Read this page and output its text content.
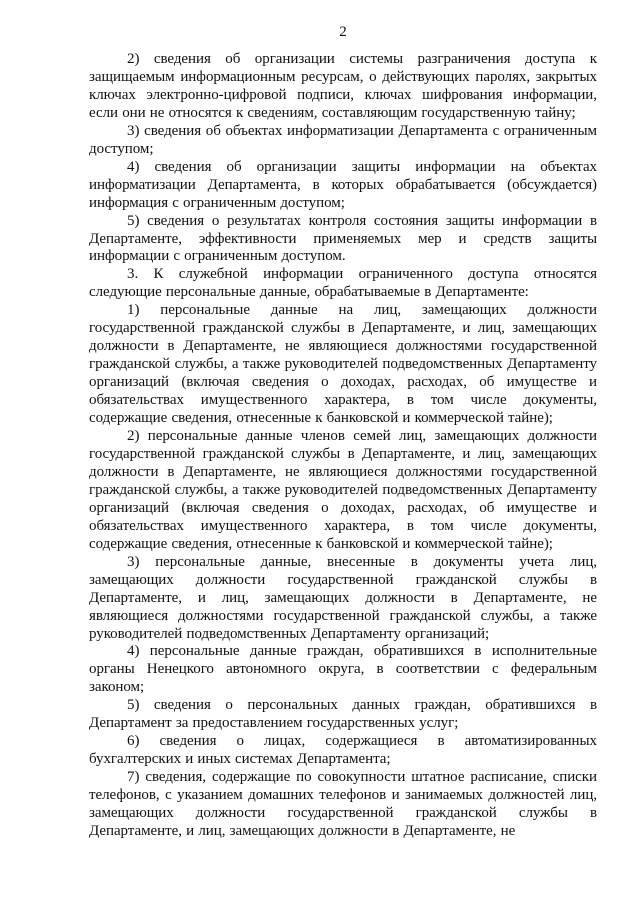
2

2) сведения об организации системы разграничения доступа к защищаемым информационным ресурсам, о действующих паролях, закрытых ключах электронно-цифровой подписи, ключах шифрования информации, если они не относятся к сведениям, составляющим государственную тайну;

3) сведения об объектах информатизации Департамента с ограниченным доступом;

4) сведения об организации защиты информации на объектах информатизации Департамента, в которых обрабатывается (обсуждается) информация с ограниченным доступом;

5) сведения о результатах контроля состояния защиты информации в Департаменте, эффективности применяемых мер и средств защиты информации с ограниченным доступом.

3. К служебной информации ограниченного доступа относятся следующие персональные данные, обрабатываемые в Департаменте:

1) персональные данные на лиц, замещающих должности государственной гражданской службы в Департаменте, и лиц, замещающих должности в Департаменте, не являющиеся должностями государственной гражданской службы, а также руководителей подведомственных Департаменту организаций (включая сведения о доходах, расходах, об имуществе и обязательствах имущественного характера, в том числе документы, содержащие сведения, отнесенные к банковской и коммерческой тайне);

2) персональные данные членов семей лиц, замещающих должности государственной гражданской службы в Департаменте, и лиц, замещающих должности в Департаменте, не являющиеся должностями государственной гражданской службы, а также руководителей подведомственных Департаменту организаций (включая сведения о доходах, расходах, об имуществе и обязательствах имущественного характера, в том числе документы, содержащие сведения, отнесенные к банковской и коммерческой тайне);

3) персональные данные, внесенные в документы учета лиц, замещающих должности государственной гражданской службы в Департаменте, и лиц, замещающих должности в Департаменте, не являющиеся должностями государственной гражданской службы, а также руководителей подведомственных Департаменту организаций;

4) персональные данные граждан, обратившихся в исполнительные органы Ненецкого автономного округа, в соответствии с федеральным законом;

5) сведения о персональных данных граждан, обратившихся в Департамент за предоставлением государственных услуг;

6) сведения о лицах, содержащиеся в автоматизированных бухгалтерских и иных системах Департамента;

7) сведения, содержащие по совокупности штатное расписание, списки телефонов, с указанием домашних телефонов и занимаемых должностей лиц, замещающих должности государственной гражданской службы в Департаменте, и лиц, замещающих должности в Департаменте, не
